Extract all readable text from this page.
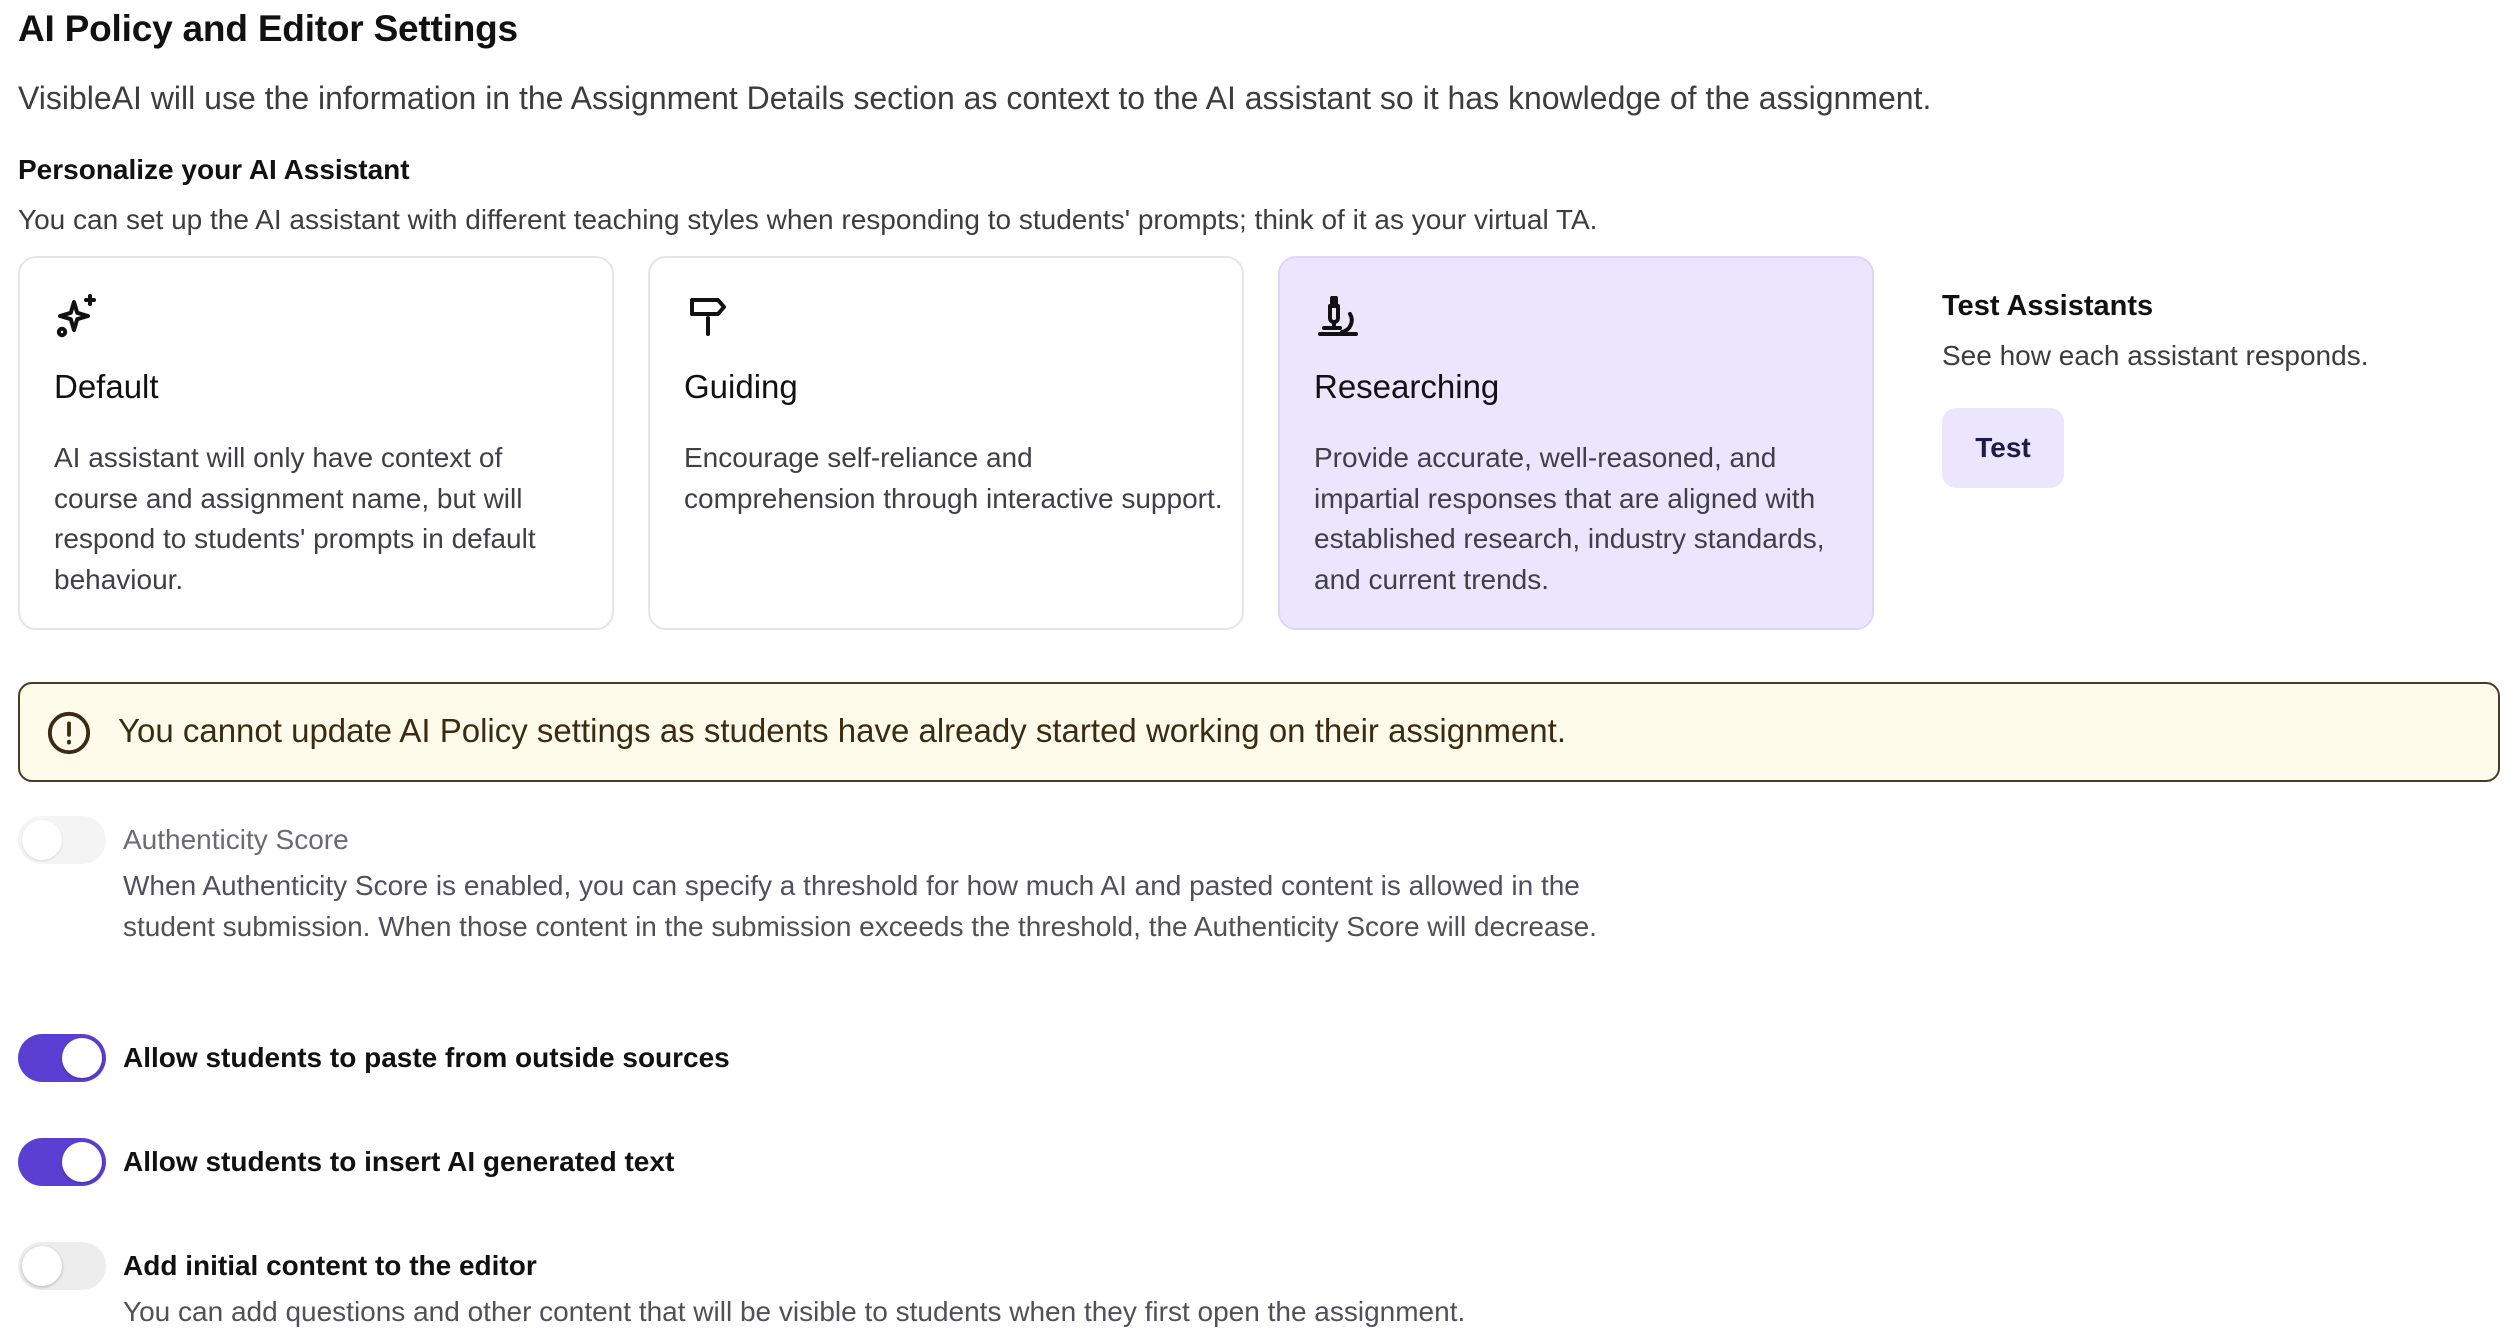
AI Policy and Editor Settings
VisibleAI will use the information in the Assignment Details section as context to the AI assistant so it has knowledge of the assignment.
Personalize your AI Assistant
You can set up the AI assistant with different teaching styles when responding to students' prompts; think of it as your virtual TA.
Default
AI assistant will only have context of course and assignment name, but will respond to students' prompts in default behaviour.
Guiding
Encourage self-reliance and comprehension through interactive support.
Researching
Provide accurate, well-reasoned, and impartial responses that are aligned with established research, industry standards, and current trends.
Test Assistants
See how each assistant responds.
Test
You cannot update AI Policy settings as students have already started working on their assignment.
Authenticity Score
When Authenticity Score is enabled, you can specify a threshold for how much AI and pasted content is allowed in the student submission. When those content in the submission exceeds the threshold, the Authenticity Score will decrease.
Allow students to paste from outside sources
Allow students to insert AI generated text
Add initial content to the editor
You can add questions and other content that will be visible to students when they first open the assignment.
